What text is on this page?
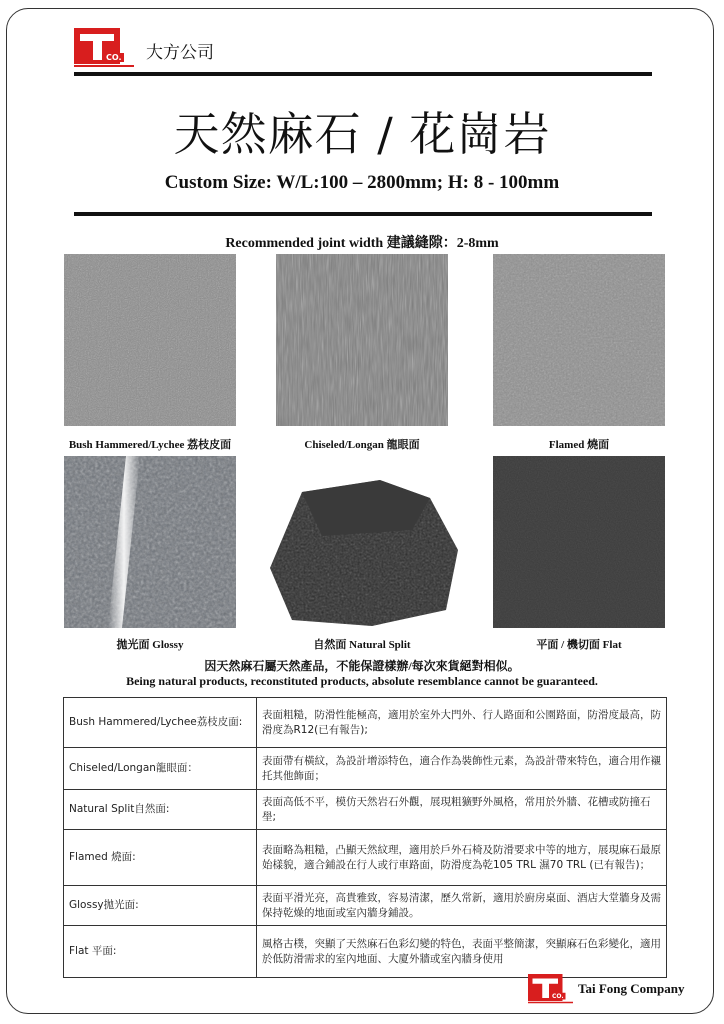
CO. 大方公司
天然麻石 / 花崗岩
Custom Size: W/L:100 – 2800mm; H: 8 - 100mm
Recommended joint width 建議縫隙：2-8mm
Bush Hammered/Lychee 荔枝皮面	Chiseled/Longan 龍眼面	Flamed 燒面
拋光面 Glossy	自然面 Natural Split	平面 / 機切面 Flat
因天然麻石屬天然產品，不能保證樣辦/每次來貨絕對相似。
Being natural products, reconstituted products, absolute resemblance cannot be guaranteed.
Bush Hammered/Lychee荔枝皮面:	表面粗糙，防滑性能極高，適用於室外大門外、行人路面和公園路面，防滑度最高，防滑度為R12(已有報告);
Chiseled/Longan龍眼面：	表面帶有橫紋，為設計增添特色，適合作為裝飾性元素，為設計帶來特色，適合用作襯托其他飾面；
Natural Split自然面:	表面高低不平，模仿天然岩石外觀，展現粗獷野外風格，常用於外牆、花槽或防撞石壆;
Flamed 燒面:	表面略為粗糙，凸顯天然紋理，適用於戶外石椅及防滑要求中等的地方，展現麻石最原始樣貌，適合鋪設在行人或行車路面，防滑度為乾105 TRL 濕70 TRL (已有報告)；
Glossy拋光面:	表面平滑光亮，高貴雅致，容易清潔，歷久常新，適用於廚房桌面、酒店大堂牆身及需保持乾燥的地面或室內牆身鋪設。
Flat 平面:	風格古樸，突顯了天然麻石色彩幻變的特色，表面平整簡潔，突顯麻石色彩變化，適用於低防滑需求的室內地面、大廈外牆或室內牆身使用
CO.
Tai Fong Company
